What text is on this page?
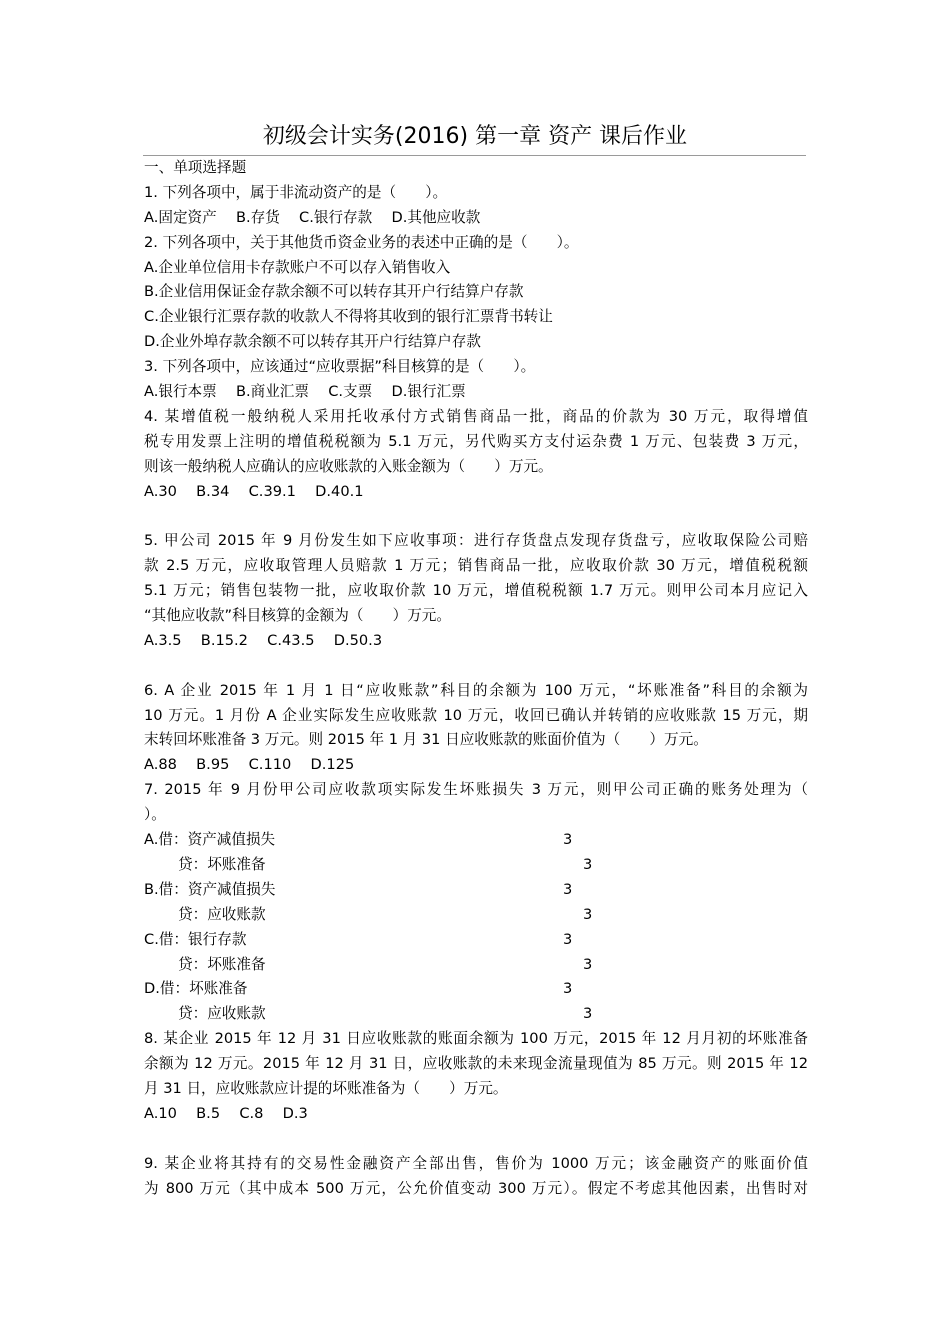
初级会计实务(2016) 第一章 资产 课后作业
一、单项选择题
1. 下列各项中，属于非流动资产的是（　　）。
A.固定资产　 B.存货　 C.银行存款　 D.其他应收款
2. 下列各项中，关于其他货币资金业务的表述中正确的是（　　）。
A.企业单位信用卡存款账户不可以存入销售收入
B.企业信用保证金存款余额不可以转存其开户行结算户存款
C.企业银行汇票存款的收款人不得将其收到的银行汇票背书转让
D.企业外埠存款余额不可以转存其开户行结算户存款
3. 下列各项中，应该通过“应收票据”科目核算的是（　　）。
A.银行本票　 B.商业汇票　 C.支票　 D.银行汇票
4. 某增值税一般纳税人采用托收承付方式销售商品一批，商品的价款为 30 万元，取得增值
税专用发票上注明的增值税税额为 5.1 万元，另代购买方支付运杂费 1 万元、包装费 3 万元，
则该一般纳税人应确认的应收账款的入账金额为（　　）万元。
A.30　 B.34　 C.39.1　 D.40.1
5. 甲公司 2015 年 9 月份发生如下应收事项：进行存货盘点发现存货盘亏，应收取保险公司赔
款 2.5 万元，应收取管理人员赔款 1 万元；销售商品一批，应收取价款 30 万元，增值税税额
5.1 万元；销售包装物一批，应收取价款 10 万元，增值税税额 1.7 万元。则甲公司本月应记入
“其他应收款”科目核算的金额为（　　）万元。
A.3.5　 B.15.2　 C.43.5　 D.50.3
6. A 企业 2015 年 1 月 1 日“应收账款”科目的余额为 100 万元，“坏账准备”科目的余额为
10 万元。1 月份 A 企业实际发生应收账款 10 万元，收回已确认并转销的应收账款 15 万元，期
末转回坏账准备 3 万元。则 2015 年 1 月 31 日应收账款的账面价值为（　　）万元。
A.88　 B.95　 C.110　 D.125
7. 2015 年 9 月份甲公司应收款项实际发生坏账损失 3 万元，则甲公司正确的账务处理为（
）。
A.借：资产减值损失	3
贷：坏账准备	3
B.借：资产减值损失	3
贷：应收账款	3
C.借：银行存款	3
贷：坏账准备	3
D.借：坏账准备	3
贷：应收账款	3
8. 某企业 2015 年 12 月 31 日应收账款的账面余额为 100 万元，2015 年 12 月月初的坏账准备
余额为 12 万元。2015 年 12 月 31 日，应收账款的未来现金流量现值为 85 万元。则 2015 年 12
月 31 日，应收账款应计提的坏账准备为（　　）万元。
A.10　 B.5　 C.8　 D.3
9. 某企业将其持有的交易性金融资产全部出售，售价为 1000 万元；该金融资产的账面价值
为 800 万元（其中成本 500 万元，公允价值变动 300 万元）。假定不考虑其他因素，出售时对
